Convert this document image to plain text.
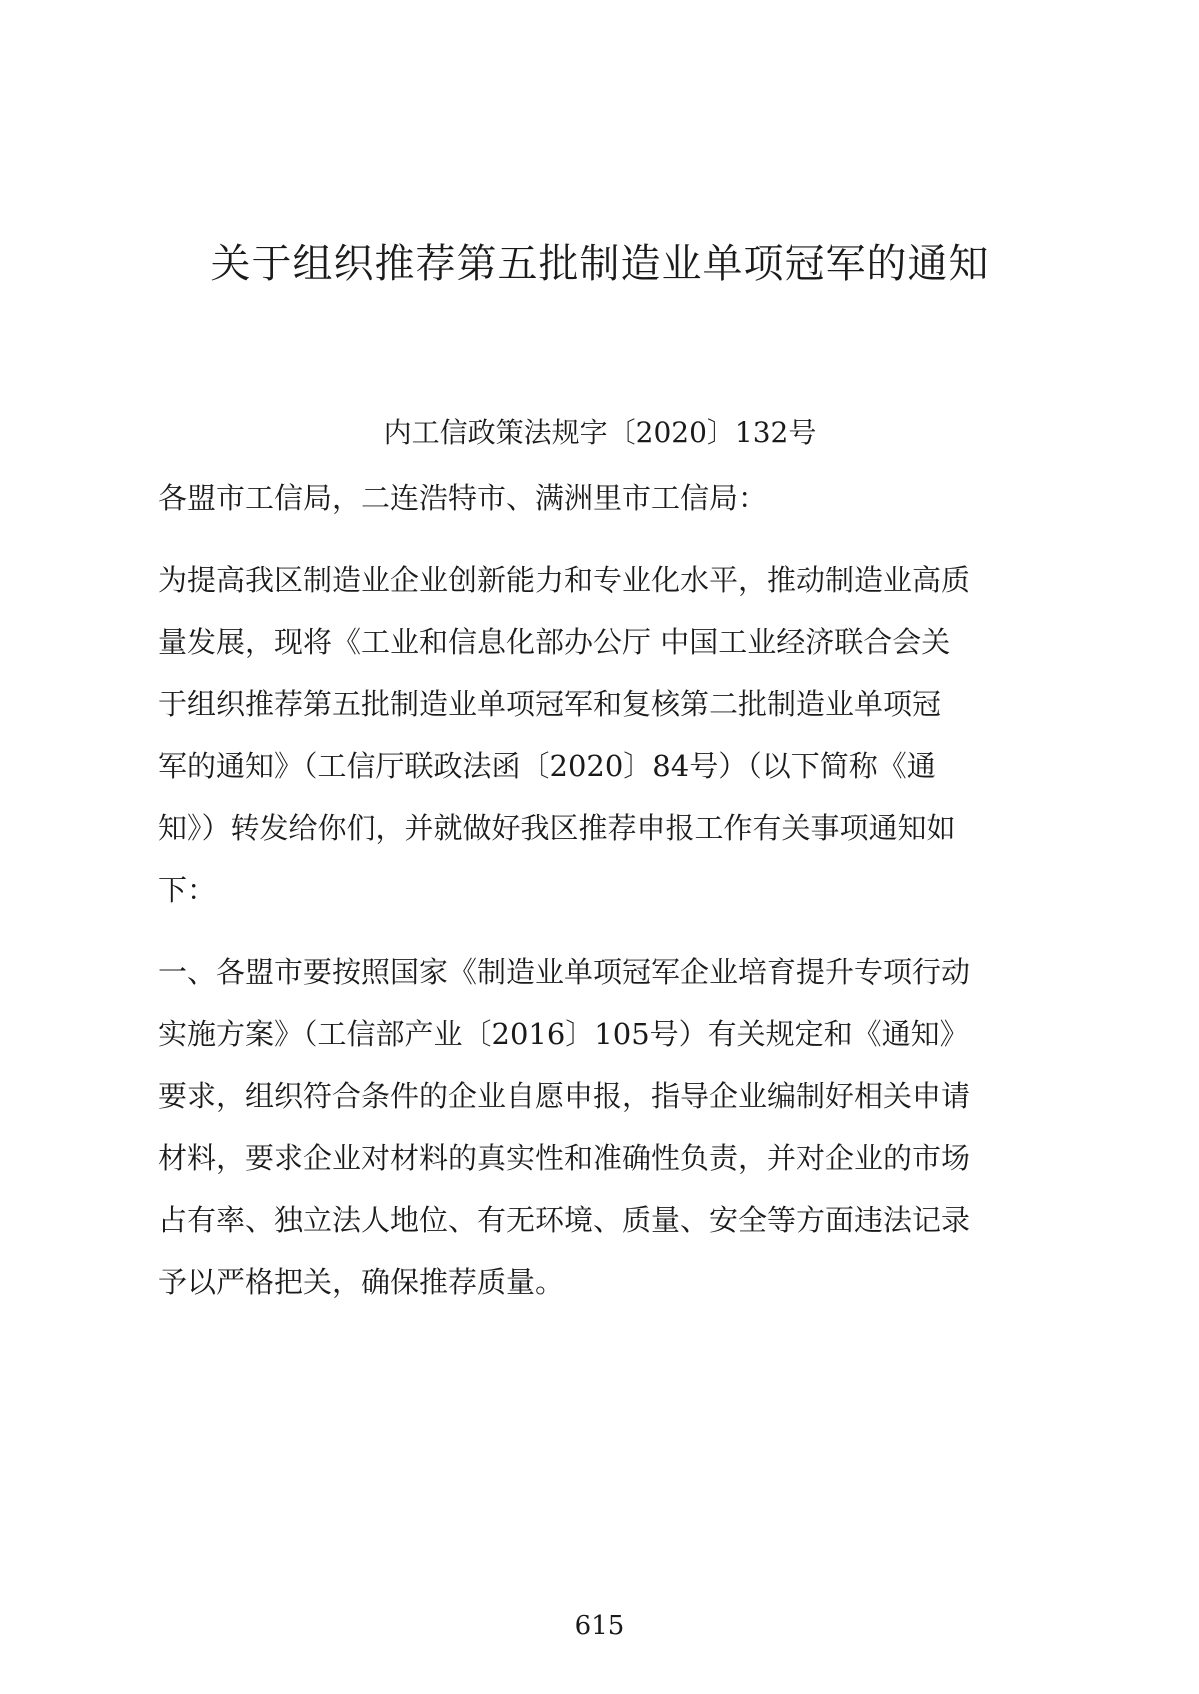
关于组织推荐第五批制造业单项冠军的通知
内工信政策法规字〔2020〕132号
各盟市工信局，二连浩特市、满洲里市工信局：
为提高我区制造业企业创新能力和专业化水平，推动制造业高质
量发展，现将《工业和信息化部办公厅 中国工业经济联合会关
于组织推荐第五批制造业单项冠军和复核第二批制造业单项冠
军的通知》（工信厅联政法函〔2020〕84号）（以下简称《通
知》）转发给你们，并就做好我区推荐申报工作有关事项通知如
下：
一、各盟市要按照国家《制造业单项冠军企业培育提升专项行动
实施方案》（工信部产业〔2016〕105号）有关规定和《通知》
要求，组织符合条件的企业自愿申报，指导企业编制好相关申请
材料，要求企业对材料的真实性和准确性负责，并对企业的市场
占有率、独立法人地位、有无环境、质量、安全等方面违法记录
予以严格把关，确保推荐质量。
615
